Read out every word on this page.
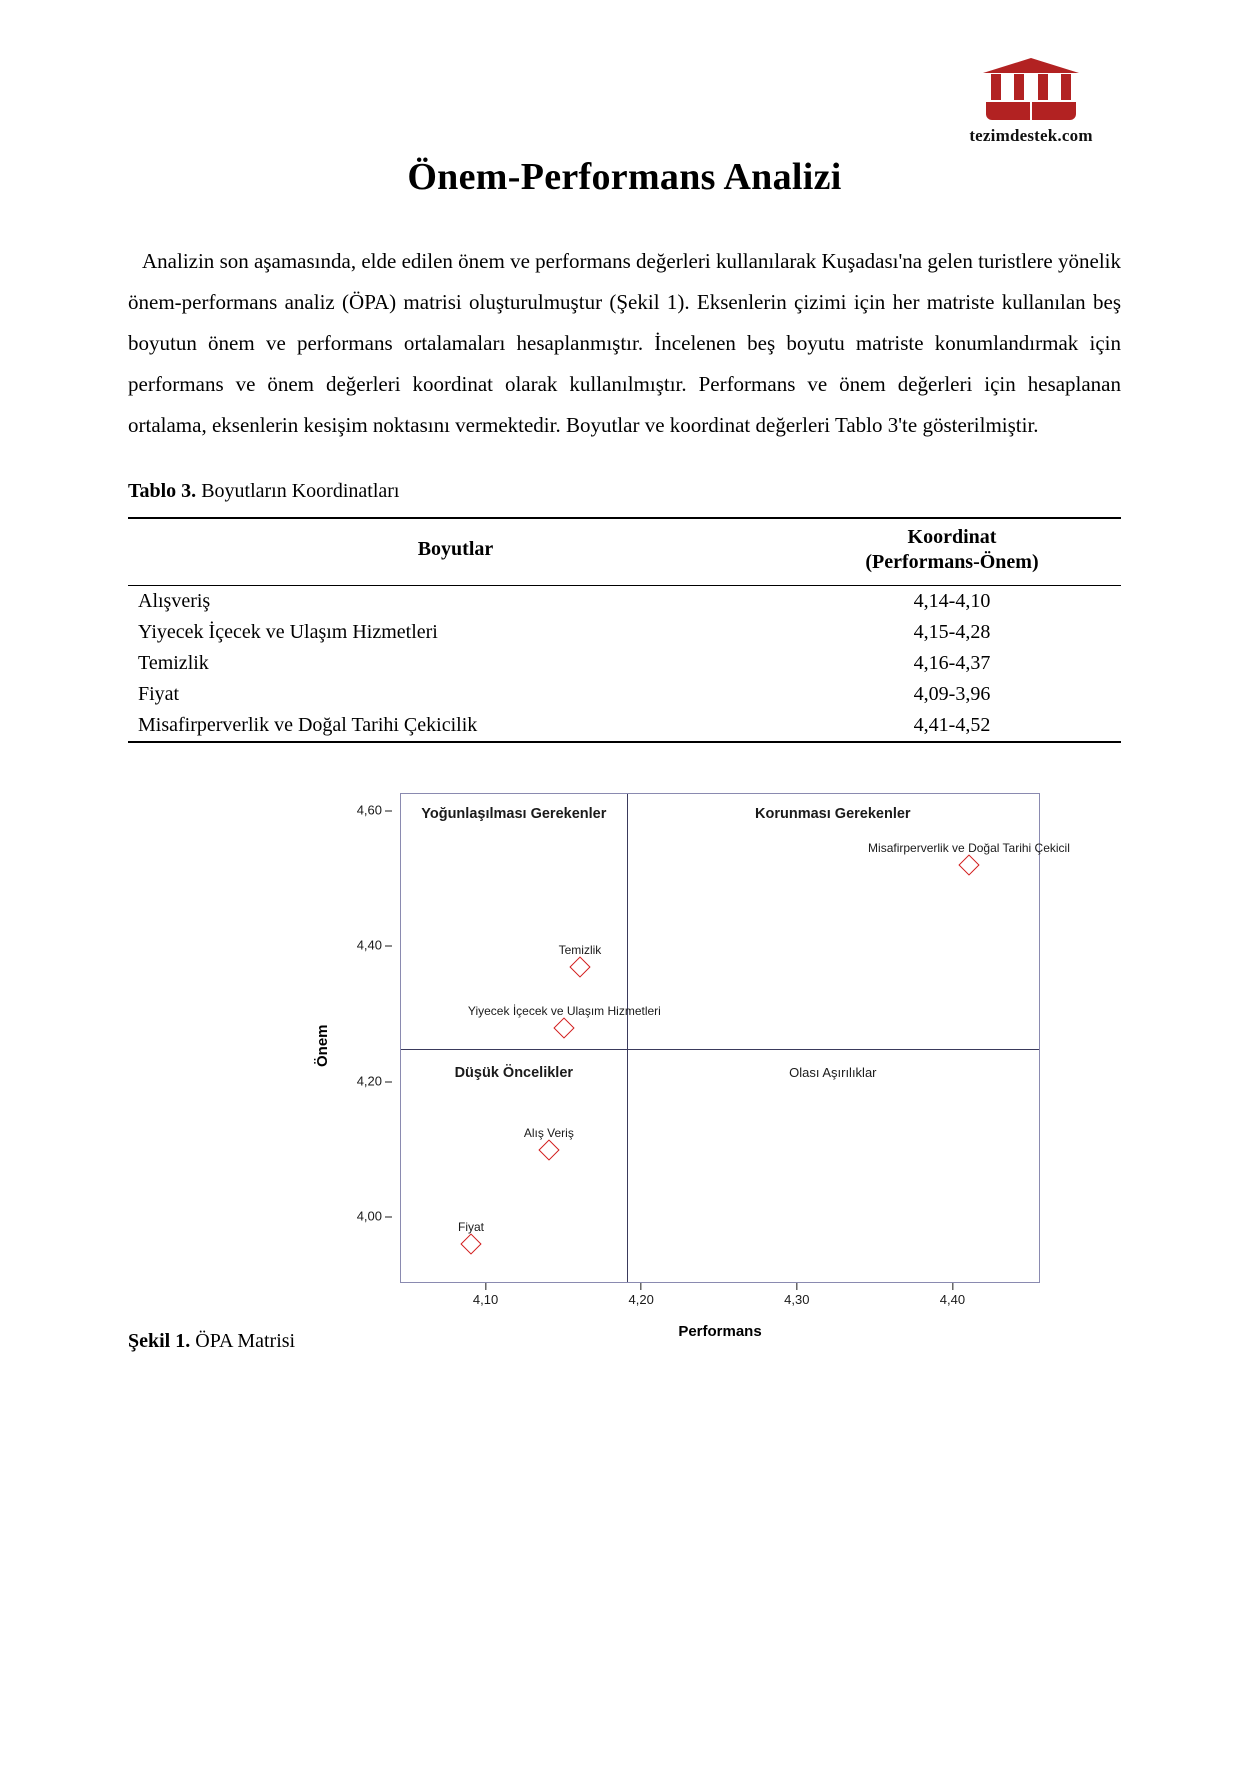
tezimdestek.com
Önem-Performans Analizi

Analizin son aşamasında, elde edilen önem ve performans değerleri kullanılarak Kuşadası'na gelen turistlere yönelik önem-performans analiz (ÖPA) matrisi oluşturulmuştur (Şekil 1). Eksenlerin çizimi için her matriste kullanılan beş boyutun önem ve performans ortalamaları hesaplanmıştır. İncelenen beş boyutu matriste konumlandırmak için performans ve önem değerleri koordinat olarak kullanılmıştır. Performans ve önem değerleri için hesaplanan ortalama, eksenlerin kesişim noktasını vermektedir. Boyutlar ve koordinat değerleri Tablo 3'te gösterilmiştir.

Tablo 3. Boyutların Koordinatları
Boyutlar	Koordinat
(Performans-Önem)

Alışveriş	4,14-4,10
Yiyecek İçecek ve Ulaşım Hizmetleri	4,15-4,28
Temizlik	4,16-4,37
Fiyat	4,09-3,96
Misafirperverlik ve Doğal Tarihi Çekicilik	4,41-4,52
Yoğunlaşılması Gerekenler	Korunması Gerekenler
Düşük Öncelikler	Olası Aşırılıklar
Misafirperverlik ve Doğal Tarihi Çekicil
Temizlik
Yiyecek İçecek ve Ulaşım Hizmetleri
Alış Veriş
Fiyat
Performans
Önem
4,00
4,20
4,40
4,60
4,10	4,20	4,30	4,40
Şekil 1. ÖPA Matrisi
